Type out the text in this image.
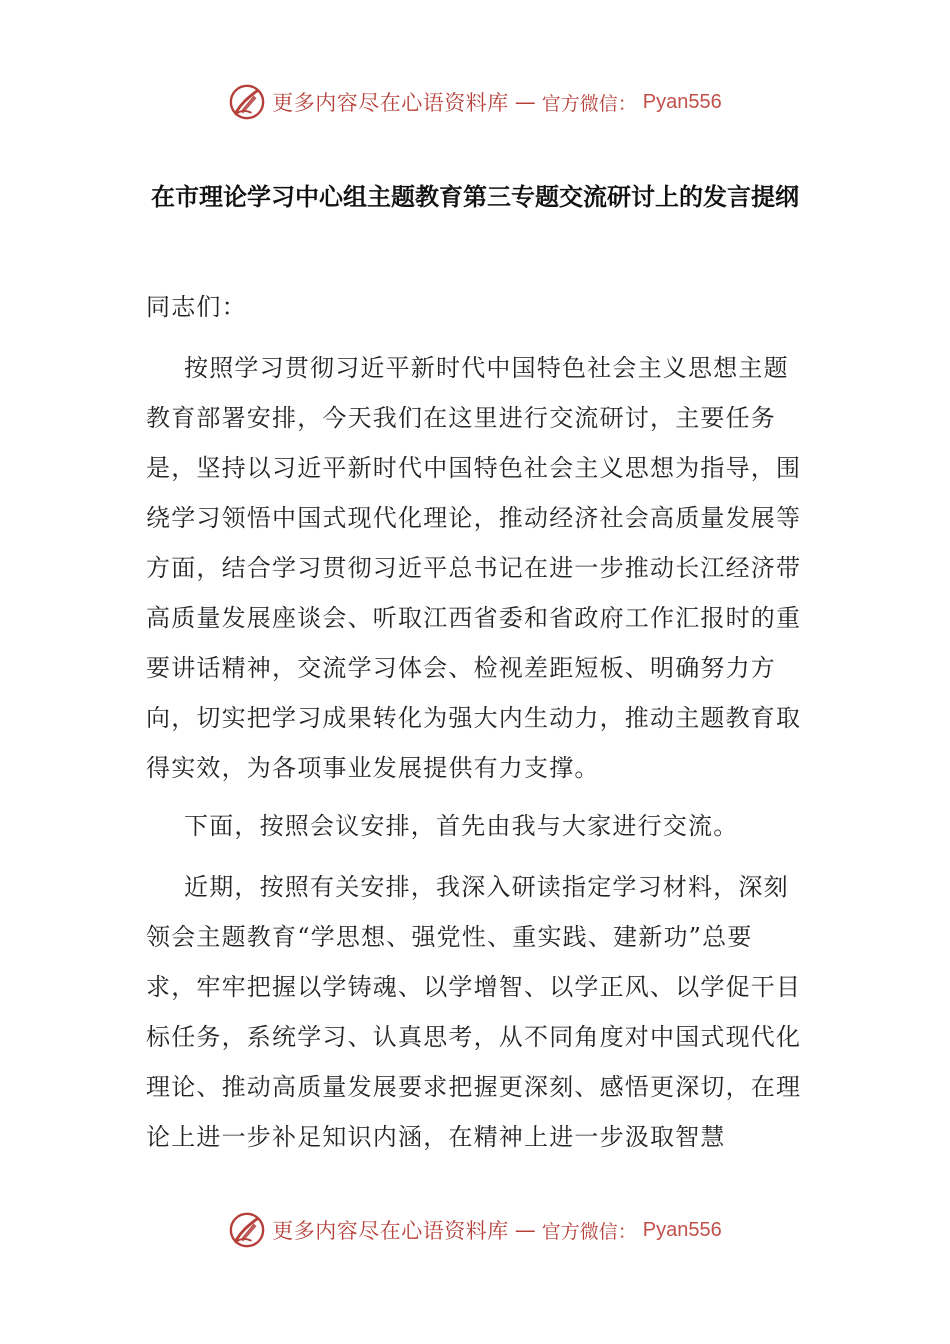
更多内容尽在心语资料库 — 官方微信： Pyan556
在市理论学习中心组主题教育第三专题交流研讨上的发言提纲

同志们：

按照学习贯彻习近平新时代中国特色社会主义思想主题教育部署安排，今天我们在这里进行交流研讨，主要任务是，坚持以习近平新时代中国特色社会主义思想为指导，围绕学习领悟中国式现代化理论，推动经济社会高质量发展等方面，结合学习贯彻习近平总书记在进一步推动长江经济带高质量发展座谈会、听取江西省委和省政府工作汇报时的重要讲话精神，交流学习体会、检视差距短板、明确努力方向，切实把学习成果转化为强大内生动力，推动主题教育取得实效，为各项事业发展提供有力支撑。

下面，按照会议安排，首先由我与大家进行交流。

近期，按照有关安排，我深入研读指定学习材料，深刻领会主题教育“学思想、强党性、重实践、建新功”总要求，牢牢把握以学铸魂、以学增智、以学正风、以学促干目标任务，系统学习、认真思考，从不同角度对中国式现代化理论、推动高质量发展要求把握更深刻、感悟更深切，在理论上进一步补足知识内涵，在精神上进一步汲取智慧

更多内容尽在心语资料库 — 官方微信： Pyan556
